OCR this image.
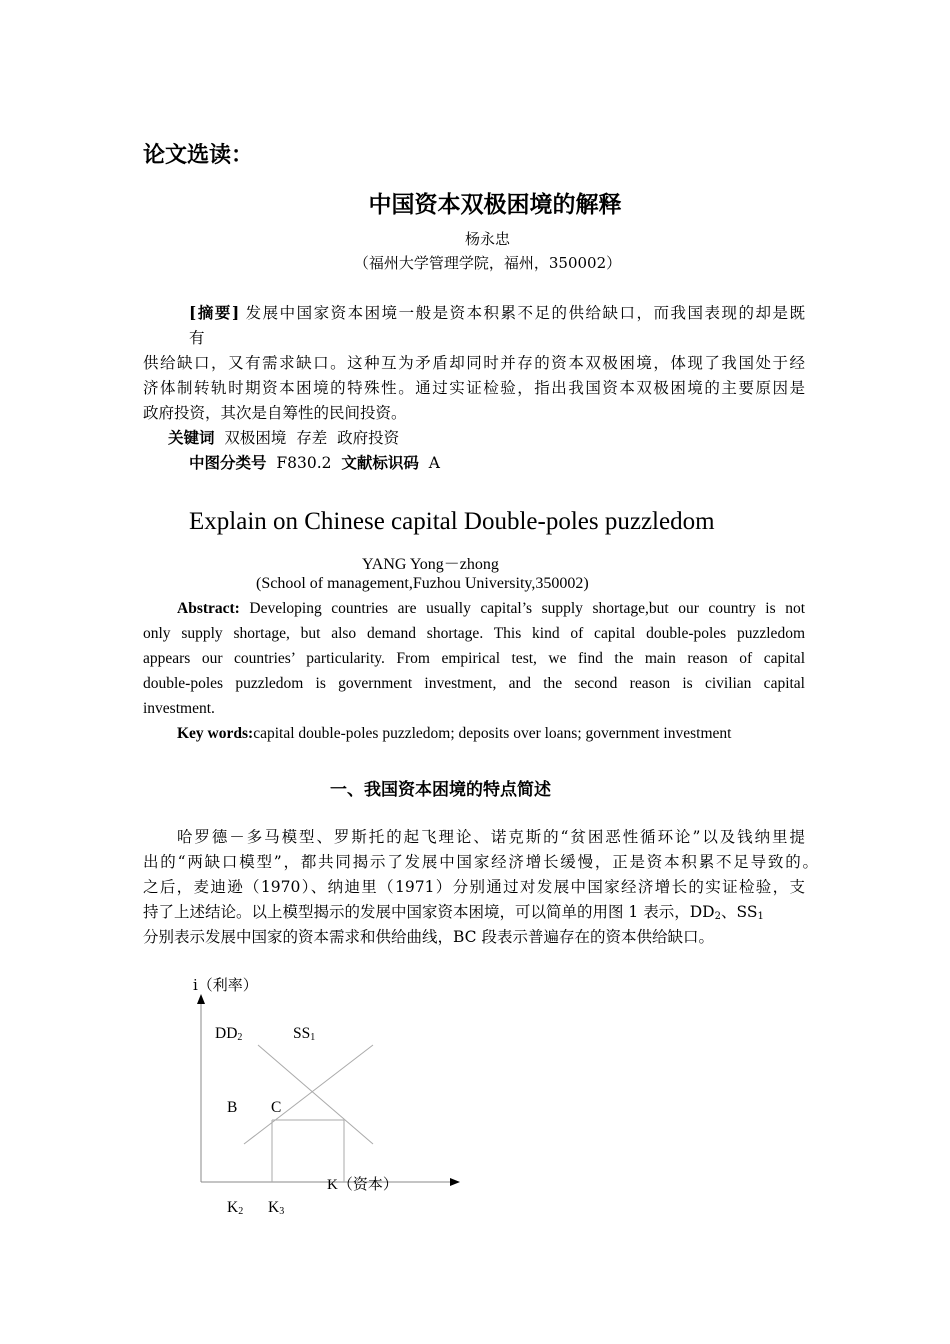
论文选读：
中国资本双极困境的解释
杨永忠
（福州大学管理学院，福州，350002）
[摘要] 发展中国家资本困境一般是资本积累不足的供给缺口，而我国表现的却是既
有
供给缺口，又有需求缺口。这种互为矛盾却同时并存的资本双极困境，体现了我国处于经
济体制转轨时期资本困境的特殊性。通过实证检验，指出我国资本双极困境的主要原因是
政府投资，其次是自筹性的民间投资。
关键词 双极困境  存差  政府投资
中图分类号 F830.2 文献标识码 A
Explain on Chinese capital Double-poles puzzledom
YANG Yong－zhong
(School of management,Fuzhou University,350002)
Abstract: Developing countries are usually capital’s supply shortage,but our country is not
only supply shortage, but also demand shortage. This kind of capital double-poles puzzledom
appears our countries’ particularity. From empirical test, we find the main reason of capital
double-poles puzzledom is government investment, and the second reason is civilian capital
investment.
Key words:capital double-poles puzzledom; deposits over loans; government investment
一、我国资本困境的特点简述
哈罗德－多马模型、罗斯托的起飞理论、诺克斯的“贫困恶性循环论”以及钱纳里提
出的“两缺口模型”，都共同揭示了发展中国家经济增长缓慢，正是资本积累不足导致的。
之后，麦迪逊（1970）、纳迪里（1971）分别通过对发展中国家经济增长的实证检验，支
持了上述结论。以上模型揭示的发展中国家资本困境，可以简单的用图 1 表示，$DD_2$、$SS_1$
分别表示发展中国家的资本需求和供给曲线，BC 段表示普遍存在的资本供给缺口。
i（利率）
K（资本）
$DD_2$	$SS_1$
B C
$K_2$ $K_3$
